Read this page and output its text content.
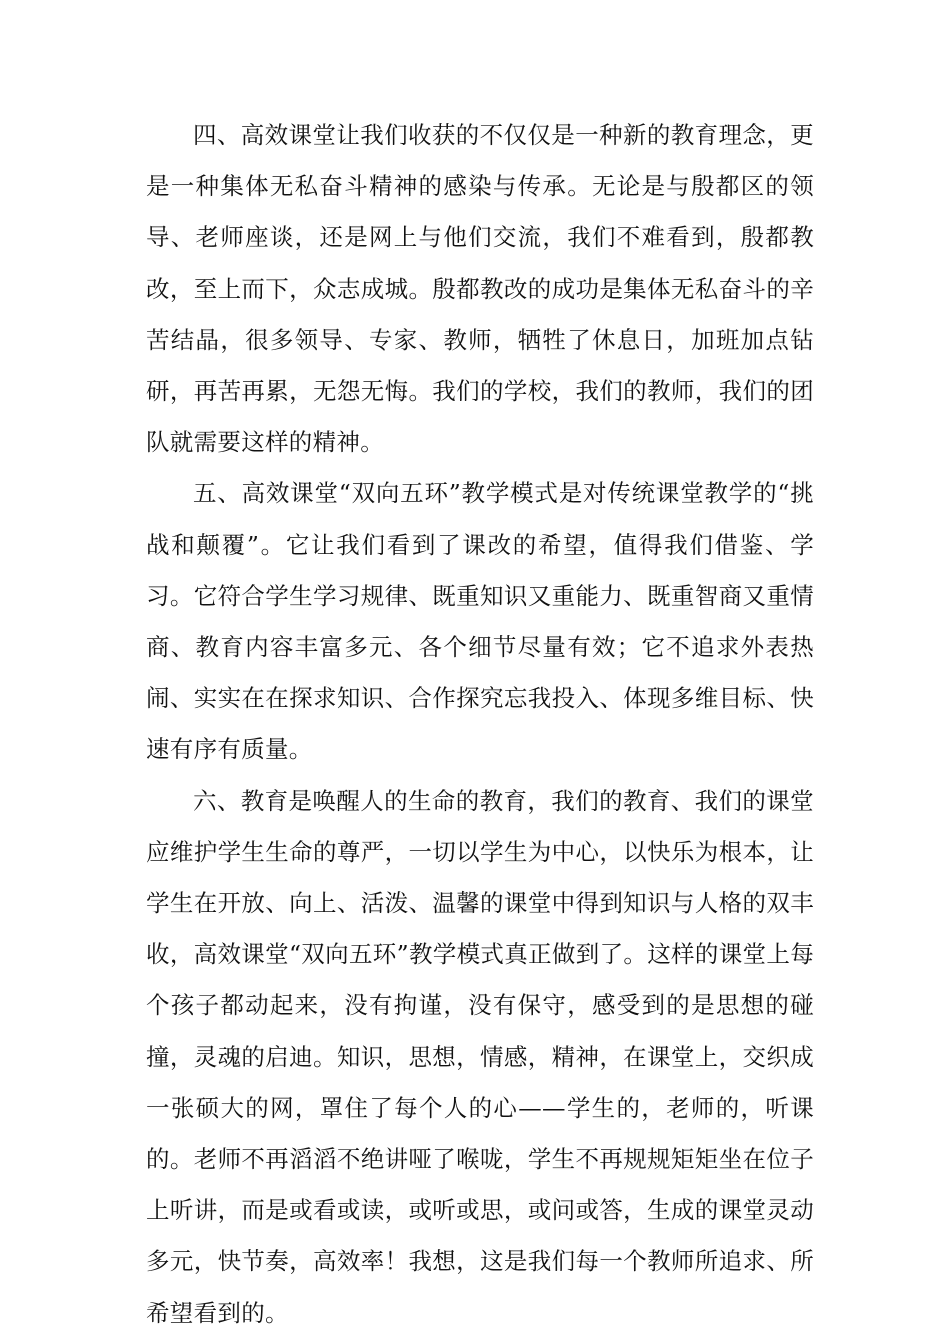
四、高效课堂让我们收获的不仅仅是一种新的教育理念，更是一种集体无私奋斗精神的感染与传承。无论是与殷都区的领导、老师座谈，还是网上与他们交流，我们不难看到，殷都教改，至上而下，众志成城。殷都教改的成功是集体无私奋斗的辛苦结晶，很多领导、专家、教师，牺牲了休息日，加班加点钻研，再苦再累，无怨无悔。我们的学校，我们的教师，我们的团队就需要这样的精神。

五、高效课堂“双向五环”教学模式是对传统课堂教学的“挑战和颠覆”。它让我们看到了课改的希望，值得我们借鉴、学习。它符合学生学习规律、既重知识又重能力、既重智商又重情商、教育内容丰富多元、各个细节尽量有效；它不追求外表热闹、实实在在探求知识、合作探究忘我投入、体现多维目标、快速有序有质量。

六、教育是唤醒人的生命的教育，我们的教育、我们的课堂应维护学生生命的尊严，一切以学生为中心，以快乐为根本，让学生在开放、向上、活泼、温馨的课堂中得到知识与人格的双丰收，高效课堂“双向五环”教学模式真正做到了。这样的课堂上每个孩子都动起来，没有拘谨，没有保守，感受到的是思想的碰撞，灵魂的启迪。知识，思想，情感，精神，在课堂上，交织成一张硕大的网，罩住了每个人的心——学生的，老师的，听课的。老师不再滔滔不绝讲哑了喉咙，学生不再规规矩矩坐在位子上听讲，而是或看或读，或听或思，或问或答，生成的课堂灵动多元，快节奏，高效率！我想，这是我们每一个教师所追求、所希望看到的。
